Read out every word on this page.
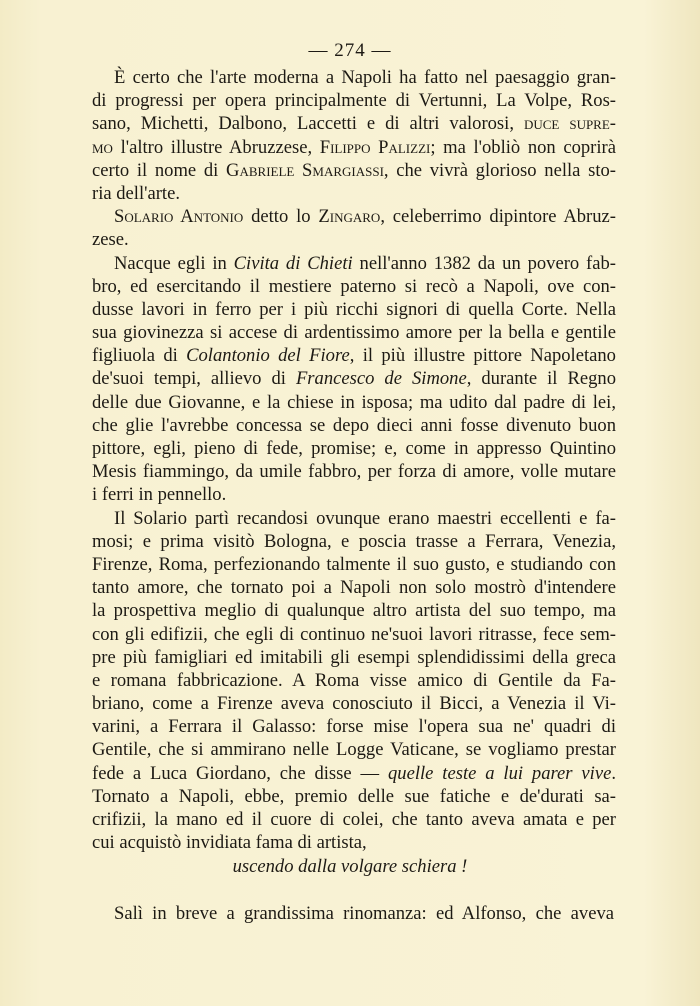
— 274 —
È certo che l'arte moderna a Napoli ha fatto nel paesaggio gran-
di progressi per opera principalmente di Vertunni, La Volpe, Ros-
sano, Michetti, Dalbono, Laccetti e di altri valorosi, duce supre-
mo l'altro illustre Abruzzese, Filippo Palizzi; ma l'obliò non coprirà
certo il nome di Gabriele Smargiassi, che vivrà glorioso nella sto-
ria dell'arte.
Solario Antonio detto lo Zingaro, celeberrimo dipintore Abruz-
zese.
Nacque egli in Civita di Chieti nell'anno 1382 da un povero fab-
bro, ed esercitando il mestiere paterno si recò a Napoli, ove con-
dusse lavori in ferro per i più ricchi signori di quella Corte. Nella
sua giovinezza si accese di ardentissimo amore per la bella e gentile
figliuola di Colantonio del Fiore, il più illustre pittore Napoletano
de'suoi tempi, allievo di Francesco de Simone, durante il Regno
delle due Giovanne, e la chiese in isposa; ma udito dal padre di lei,
che glie l'avrebbe concessa se depo dieci anni fosse divenuto buon
pittore, egli, pieno di fede, promise; e, come in appresso Quintino
Mesis fiammingo, da umile fabbro, per forza di amore, volle mutare
i ferri in pennello.
Il Solario partì recandosi ovunque erano maestri eccellenti e fa-
mosi; e prima visitò Bologna, e poscia trasse a Ferrara, Venezia,
Firenze, Roma, perfezionando talmente il suo gusto, e studiando con
tanto amore, che tornato poi a Napoli non solo mostrò d'intendere
la prospettiva meglio di qualunque altro artista del suo tempo, ma
con gli edifizii, che egli di continuo ne'suoi lavori ritrasse, fece sem-
pre più famigliari ed imitabili gli esempi splendidissimi della greca
e romana fabbricazione. A Roma visse amico di Gentile da Fa-
briano, come a Firenze aveva conosciuto il Bicci, a Venezia il Vi-
varini, a Ferrara il Galasso: forse mise l'opera sua ne' quadri di
Gentile, che si ammirano nelle Logge Vaticane, se vogliamo prestar
fede a Luca Giordano, che disse — quelle teste a lui parer vive.
Tornato a Napoli, ebbe, premio delle sue fatiche e de'durati sa-
crifizii, la mano ed il cuore di colei, che tanto aveva amata e per
cui acquistò invidiata fama di artista,
uscendo dalla volgare schiera !
Salì in breve a grandissima rinomanza: ed Alfonso, che aveva
